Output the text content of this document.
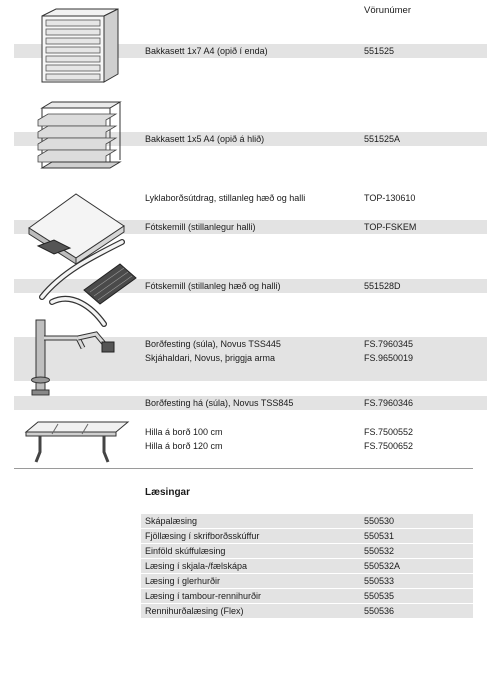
Vörunúmer
Bakkasett 1x7 A4 (opið í enda)	551525
Bakkasett 1x5 A4 (opið á hlið)	551525A
Lyklaborðsútdrag, stillanleg hæð og halli	TOP-130610
Fótskemill (stillanlegur halli)	TOP-FSKEM
Fótskemill (stillanleg hæð og halli)	551528D
Borðfesting (súla), Novus TSS445	FS.7960345
Skjáhaldari, Novus, þriggja arma	FS.9650019
Borðfesting há (súla), Novus TSS845	FS.7960346
Hilla á borð 100 cm	FS.7500552
Hilla á borð 120 cm	FS.7500652
Læsingar
Skápalæsing	550530
Fjöllæsing í skrifborðsskúffur	550531
Einföld skúffulæsing	550532
Læsing í skjala-/fælskápa	550532A
Læsing í glerhurðir	550533
Læsing í tambour-rennihurðir	550535
Rennihurðalæsing (Flex)	550536
